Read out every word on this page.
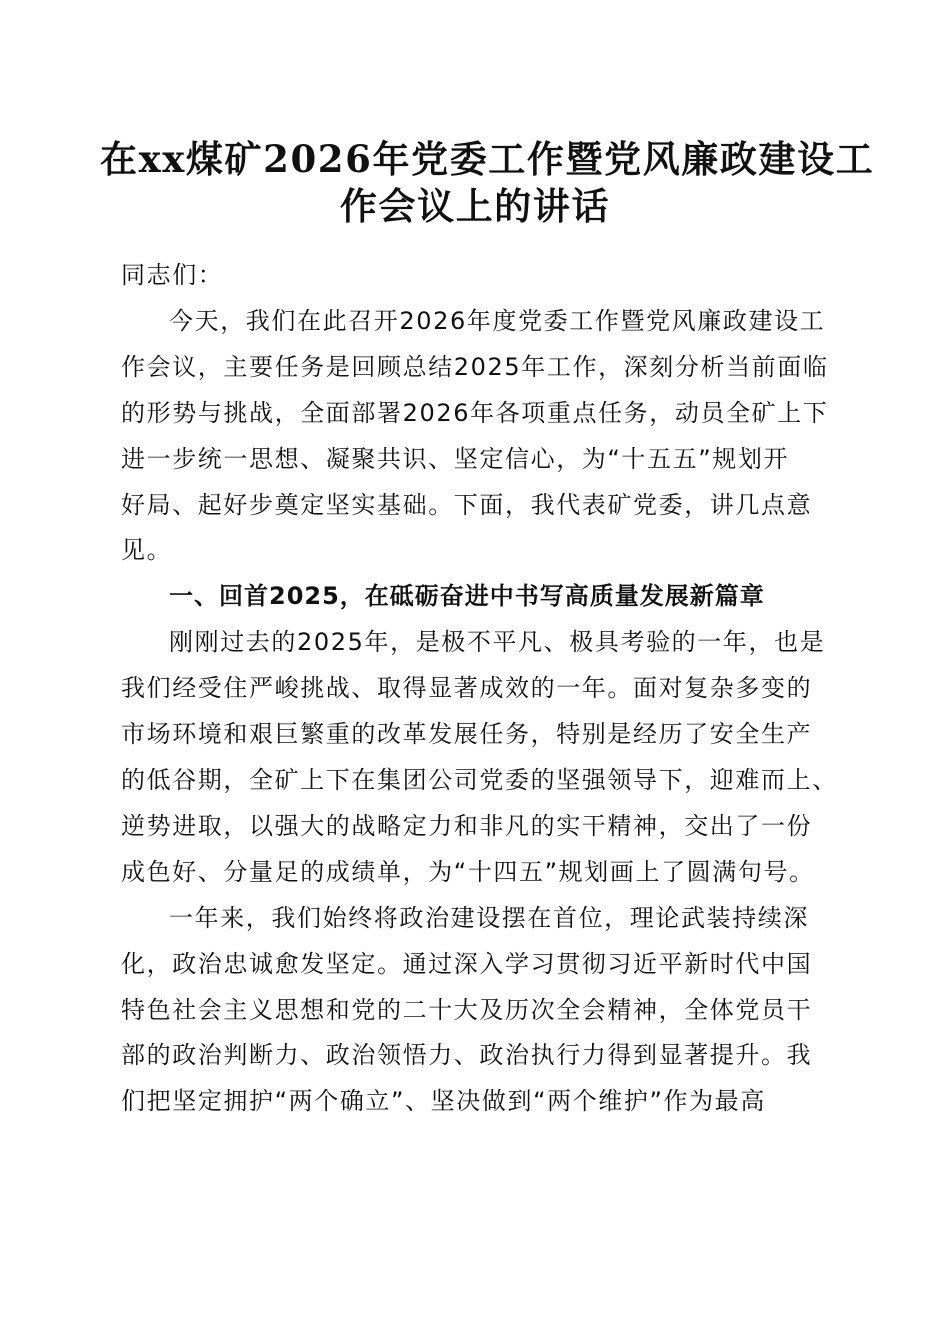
在xx煤矿2026年党委工作暨党风廉政建设工
作会议上的讲话

同志们：

今天，我们在此召开2026年度党委工作暨党风廉政建设工
作会议，主要任务是回顾总结2025年工作，深刻分析当前面临
的形势与挑战，全面部署2026年各项重点任务，动员全矿上下
进一步统一思想、凝聚共识、坚定信心，为“十五五”规划开
好局、起好步奠定坚实基础。下面，我代表矿党委，讲几点意
见。

一、回首2025，在砥砺奋进中书写高质量发展新篇章

刚刚过去的2025年，是极不平凡、极具考验的一年，也是
我们经受住严峻挑战、取得显著成效的一年。面对复杂多变的
市场环境和艰巨繁重的改革发展任务，特别是经历了安全生产
的低谷期，全矿上下在集团公司党委的坚强领导下，迎难而上、
逆势进取，以强大的战略定力和非凡的实干精神，交出了一份
成色好、分量足的成绩单，为“十四五”规划画上了圆满句号。

一年来，我们始终将政治建设摆在首位，理论武装持续深
化，政治忠诚愈发坚定。通过深入学习贯彻习近平新时代中国
特色社会主义思想和党的二十大及历次全会精神，全体党员干
部的政治判断力、政治领悟力、政治执行力得到显著提升。我
们把坚定拥护“两个确立”、坚决做到“两个维护”作为最高
